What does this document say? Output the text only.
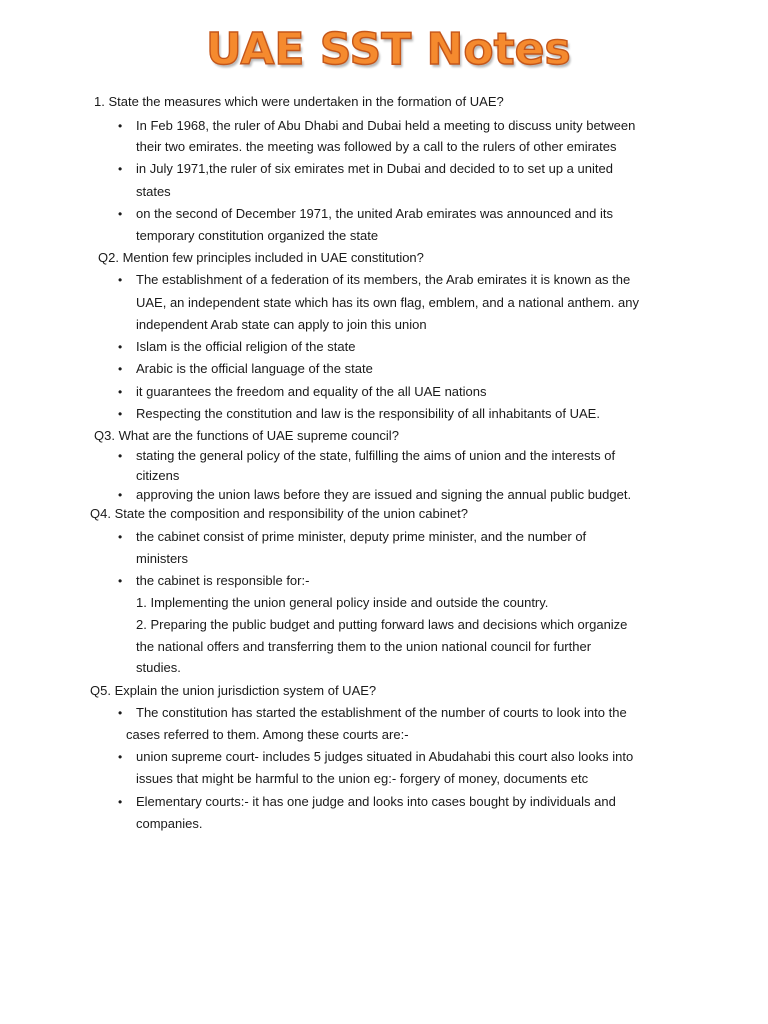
UAE SST Notes
1. State the measures which were undertaken in the formation of UAE?
• In Feb 1968, the ruler of Abu Dhabi and Dubai held a meeting to discuss unity between
their two emirates. the meeting was followed by a call to the rulers of other emirates
• in July 1971,the ruler of six emirates met in Dubai and decided to to set up a united
states
• on the second of December 1971, the united Arab emirates was announced and its
temporary constitution organized the state
Q2. Mention few principles included in UAE constitution?
• The establishment of a federation of its members, the Arab emirates it is known as the
UAE, an independent state which has its own flag, emblem, and a national anthem. any
independent Arab state can apply to join this union
• Islam is the official religion of the state
• Arabic is the official language of the state
• it guarantees the freedom and equality of the all UAE nations
• Respecting the constitution and law is the responsibility of all inhabitants of UAE.
Q3. What are the functions of UAE supreme council?
• stating the general policy of the state, fulfilling the aims of union and the interests of
citizens
• approving the union laws before they are issued and signing the annual public budget.
Q4. State the composition and responsibility of the union cabinet?
• the cabinet consist of prime minister, deputy prime minister, and the number of
ministers
• the cabinet is responsible for:-
1. Implementing the union general policy inside and outside the country.
2. Preparing the public budget and putting forward laws and decisions which organize
the national offers and transferring them to the union national council for further
studies.
Q5. Explain the union jurisdiction system of UAE?
• The constitution has started the establishment of the number of courts to look into the
cases referred to them. Among these courts are:-
• union supreme court- includes 5 judges situated in Abudahabi this court also looks into
issues that might be harmful to the union eg:- forgery of money, documents etc
• Elementary courts:- it has one judge and looks into cases bought by individuals and
companies.
